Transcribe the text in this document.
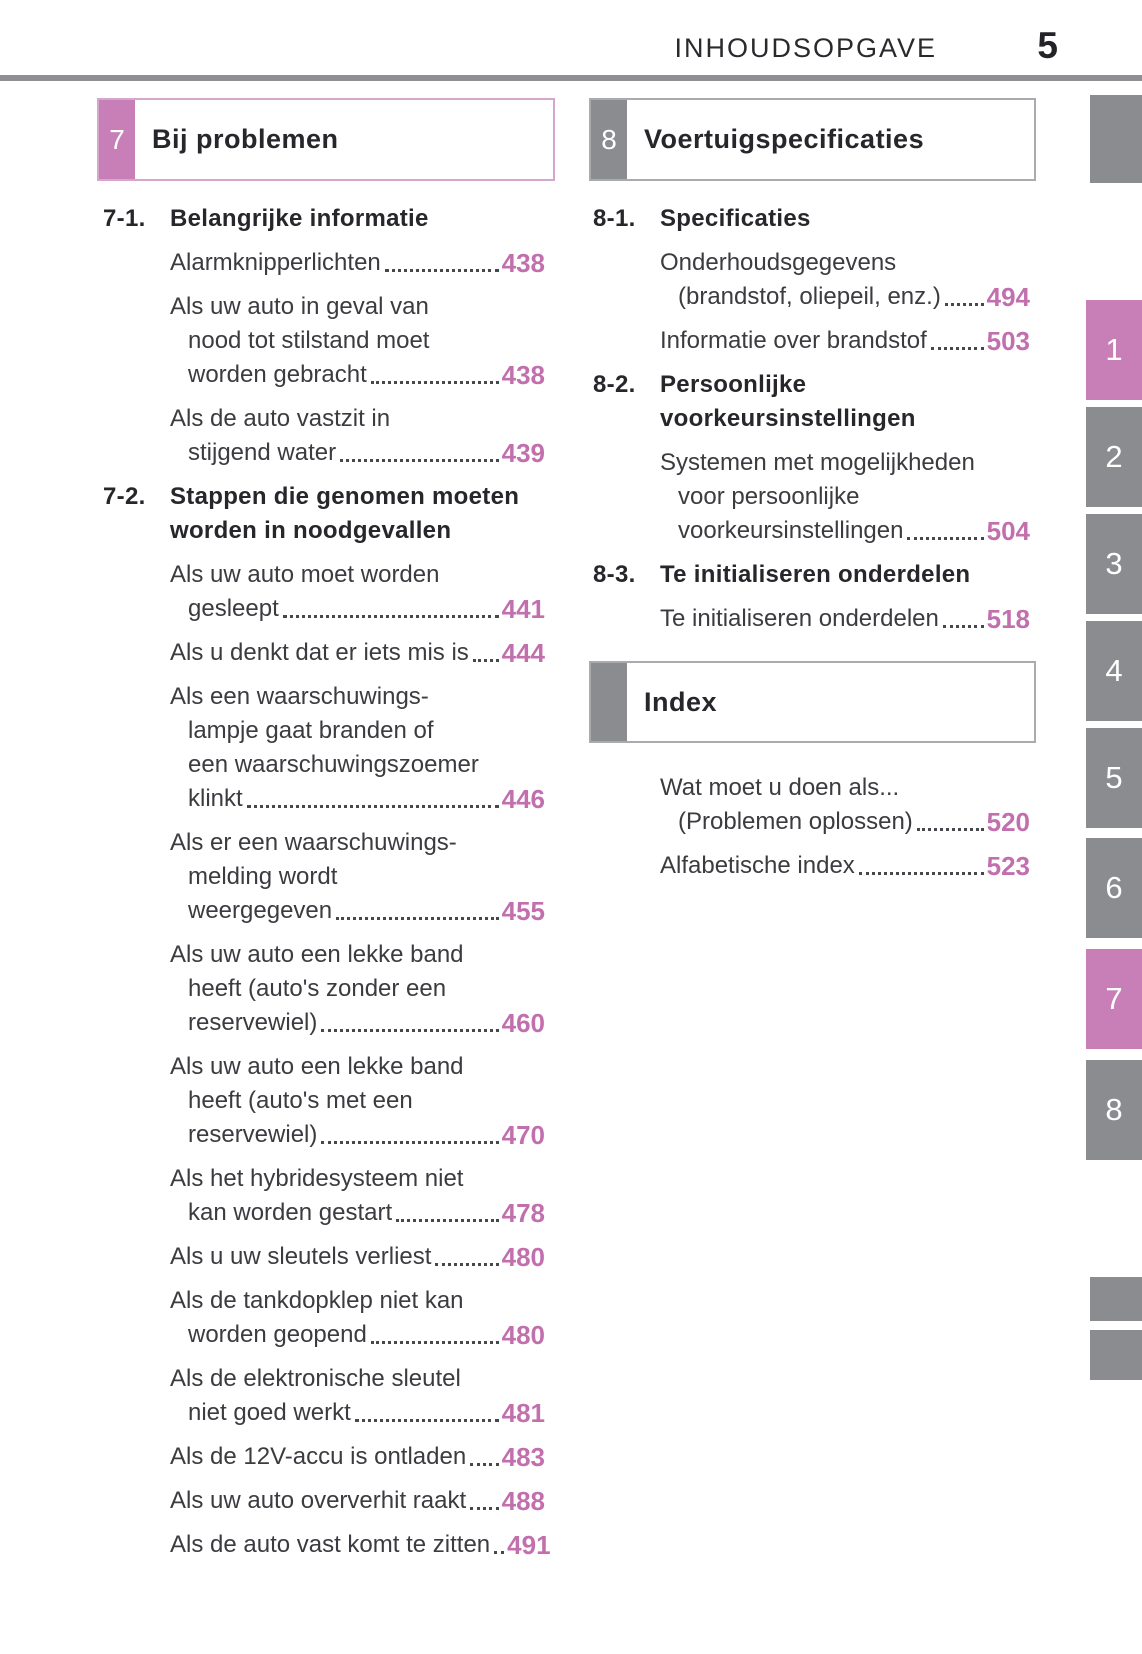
INHOUDSOPGAVE	5
7	Bij problemen	8	Voertuigspecificaties
7-1. Belangrijke informatie
Alarmknipperlichten	438
Als uw auto in geval van
nood tot stilstand moet
worden gebracht	438
Als de auto vastzit in
stijgend water	439
7-2. Stappen die genomen moeten
worden in noodgevallen
Als uw auto moet worden
gesleept	441
Als u denkt dat er iets mis is 444
Als een waarschuwings-
lampje gaat branden of
een waarschuwingszoemer
klinkt	446
Als er een waarschuwings-
melding wordt
weergegeven	455
Als uw auto een lekke band
heeft (auto's zonder een
reservewiel)	460
Als uw auto een lekke band
heeft (auto's met een
reservewiel)	470
Als het hybridesysteem niet
kan worden gestart	478
Als u uw sleutels verliest	480
Als de tankdopklep niet kan
worden geopend	480
Als de elektronische sleutel
niet goed werkt	481
Als de 12V-accu is ontladen 483
Als uw auto oververhit raakt 488
Als de auto vast komt te zitten 491
8-1. Specificaties
Onderhoudsgegevens
(brandstof, oliepeil, enz.) 494
Informatie over brandstof 503
8-2. Persoonlijke
voorkeursinstellingen
Systemen met mogelijkheden
voor persoonlijke
voorkeursinstellingen	504
8-3. Te initialiseren onderdelen
Te initialiseren onderdelen 518
Index
Wat moet u doen als...
(Problemen oplossen)	520
Alfabetische index	523
1
2
3
4
5
6
7
8
